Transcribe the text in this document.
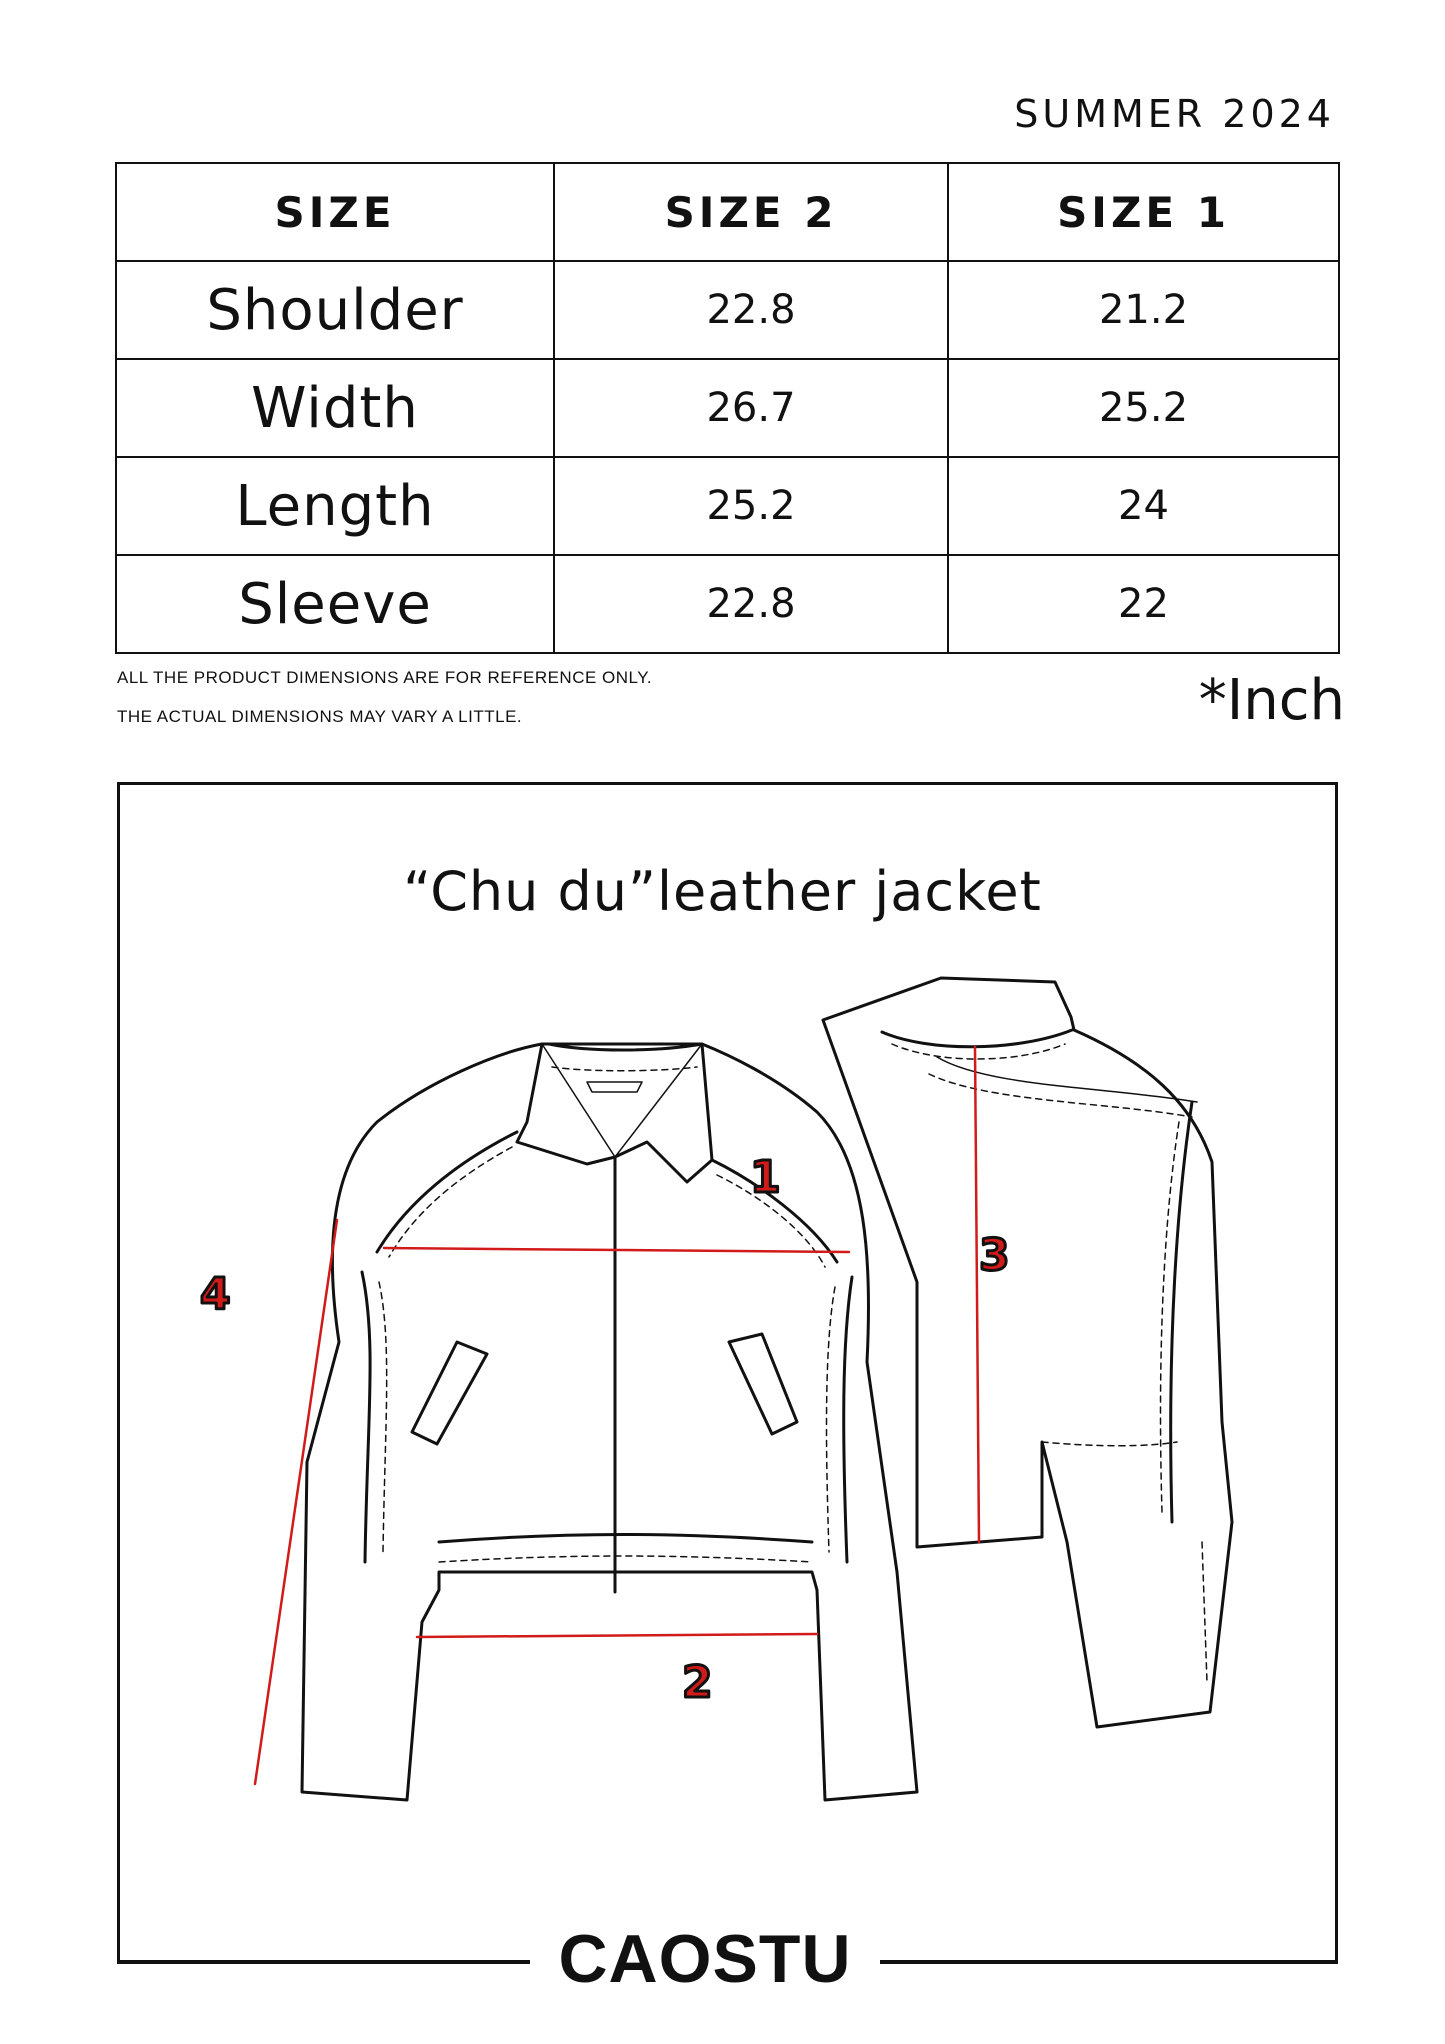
SUMMER 2024
SIZE	SIZE 2	SIZE 1
Shoulder	22.8	21.2
Width	26.7	25.2
Length	25.2	24
Sleeve	22.8	22
ALL THE PRODUCT DIMENSIONS ARE FOR REFERENCE ONLY.
THE ACTUAL DIMENSIONS MAY VARY A LITTLE.	*Inch
“Chu du”leather jacket
1
2
3
4
CAOSTU
